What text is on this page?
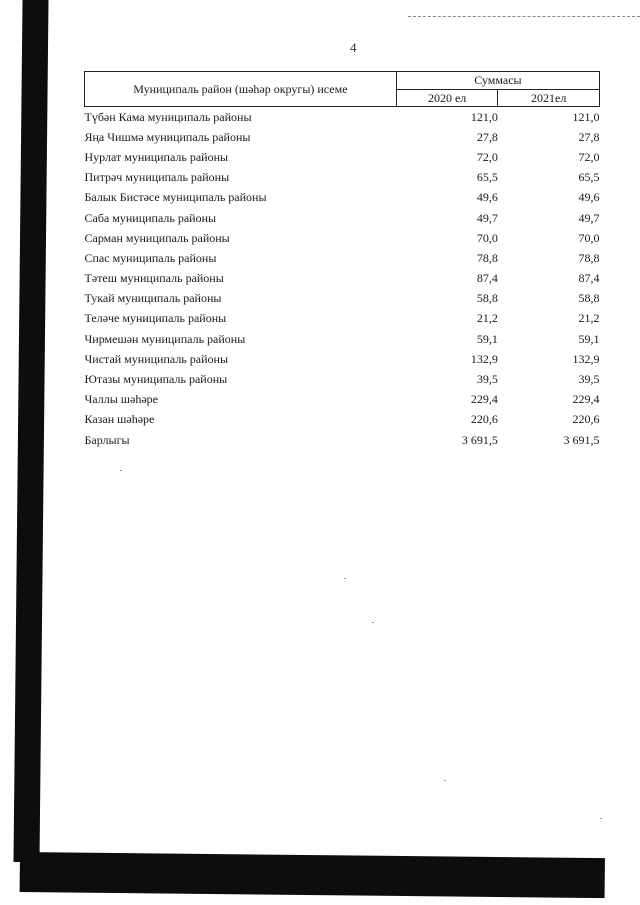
4
Муниципаль район (шәһәр округы) исеме	Суммасы	
	2020 ел	2021ел
Түбән Кама муниципаль районы	121,0	121,0
Яңа Чишмә муниципаль районы	27,8	27,8
Нурлат муниципаль районы	72,0	72,0
Питрәч муниципаль районы	65,5	65,5
Балык Бистәсе муниципаль районы	49,6	49,6
Саба муниципаль районы	49,7	49,7
Сарман муниципаль районы	70,0	70,0
Спас муниципаль районы	78,8	78,8
Тәтеш муниципаль районы	87,4	87,4
Тукай муниципаль районы	58,8	58,8
Теләче муниципаль районы	21,2	21,2
Чирмешән муниципаль районы	59,1	59,1
Чистай муниципаль районы	132,9	132,9
Ютазы муниципаль районы	39,5	39,5
Чаллы шәһәре	229,4	229,4
Казан шәһәре	220,6	220,6
Барлыгы	3 691,5	3 691,5
